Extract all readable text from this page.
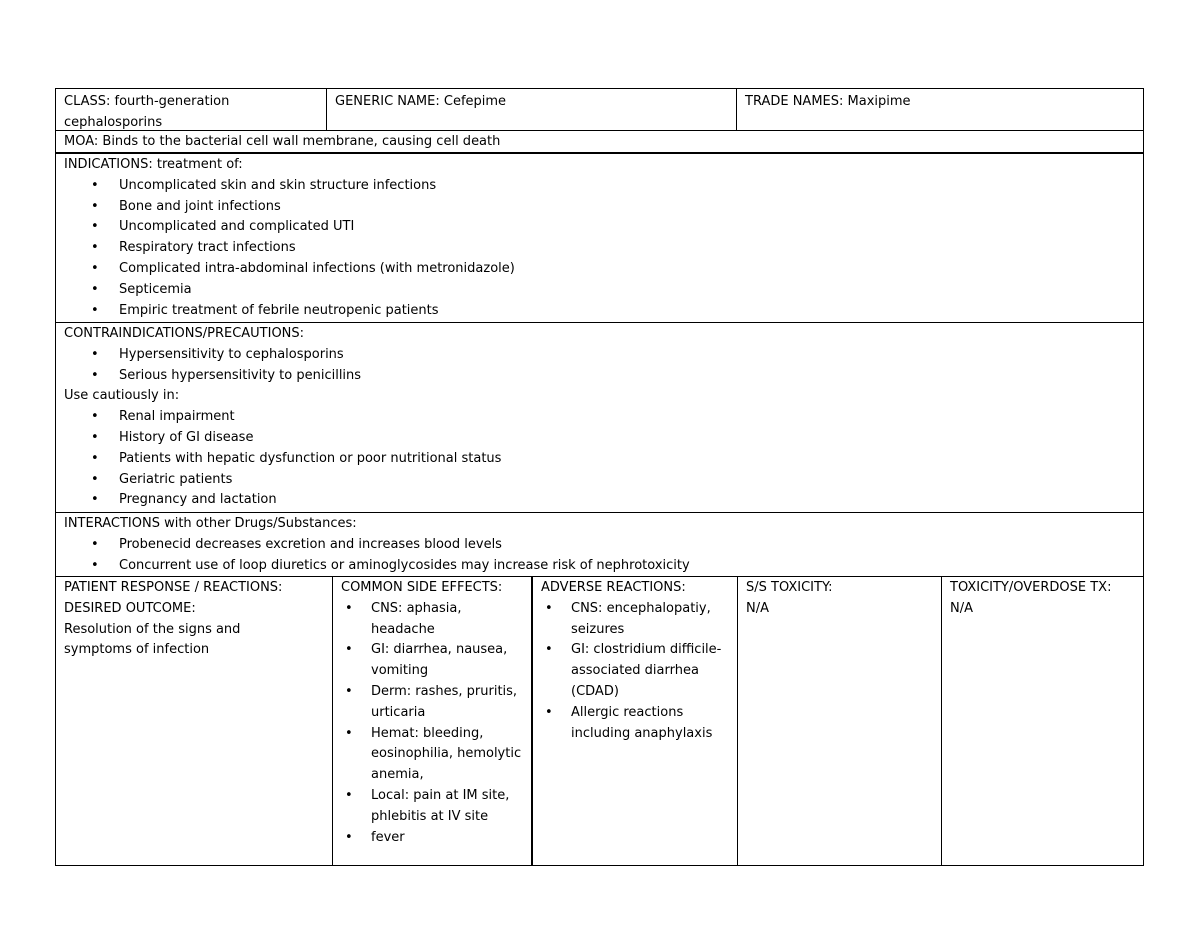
CLASS: fourth-generation cephalosporins
GENERIC NAME: Cefepime	TRADE NAMES: Maxipime
MOA: Binds to the bacterial cell wall membrane, causing cell death
INDICATIONS: treatment of:
• Uncomplicated skin and skin structure infections
• Bone and joint infections
• Uncomplicated and complicated UTI
• Respiratory tract infections
• Complicated intra-abdominal infections (with metronidazole)
• Septicemia
• Empiric treatment of febrile neutropenic patients
CONTRAINDICATIONS/PRECAUTIONS:
• Hypersensitivity to cephalosporins
• Serious hypersensitivity to penicillins
Use cautiously in:
• Renal impairment
• History of GI disease
• Patients with hepatic dysfunction or poor nutritional status
• Geriatric patients
• Pregnancy and lactation
INTERACTIONS with other Drugs/Substances:
• Probenecid decreases excretion and increases blood levels
• Concurrent use of loop diuretics or aminoglycosides may increase risk of nephrotoxicity
PATIENT RESPONSE / REACTIONS:
DESIRED OUTCOME:
Resolution of the signs and symptoms of infection
COMMON SIDE EFFECTS:
• CNS: aphasia, headache
• GI: diarrhea, nausea, vomiting
• Derm: rashes, pruritis, urticaria
• Hemat: bleeding, eosinophilia, hemolytic anemia,
• Local: pain at IM site, phlebitis at IV site
• fever
ADVERSE REACTIONS:
• CNS: encephalopatiy, seizures
• GI: clostridium difficile-associated diarrhea (CDAD)
• Allergic reactions including anaphylaxis
S/S TOXICITY:
N/A
TOXICITY/OVERDOSE TX:
N/A
